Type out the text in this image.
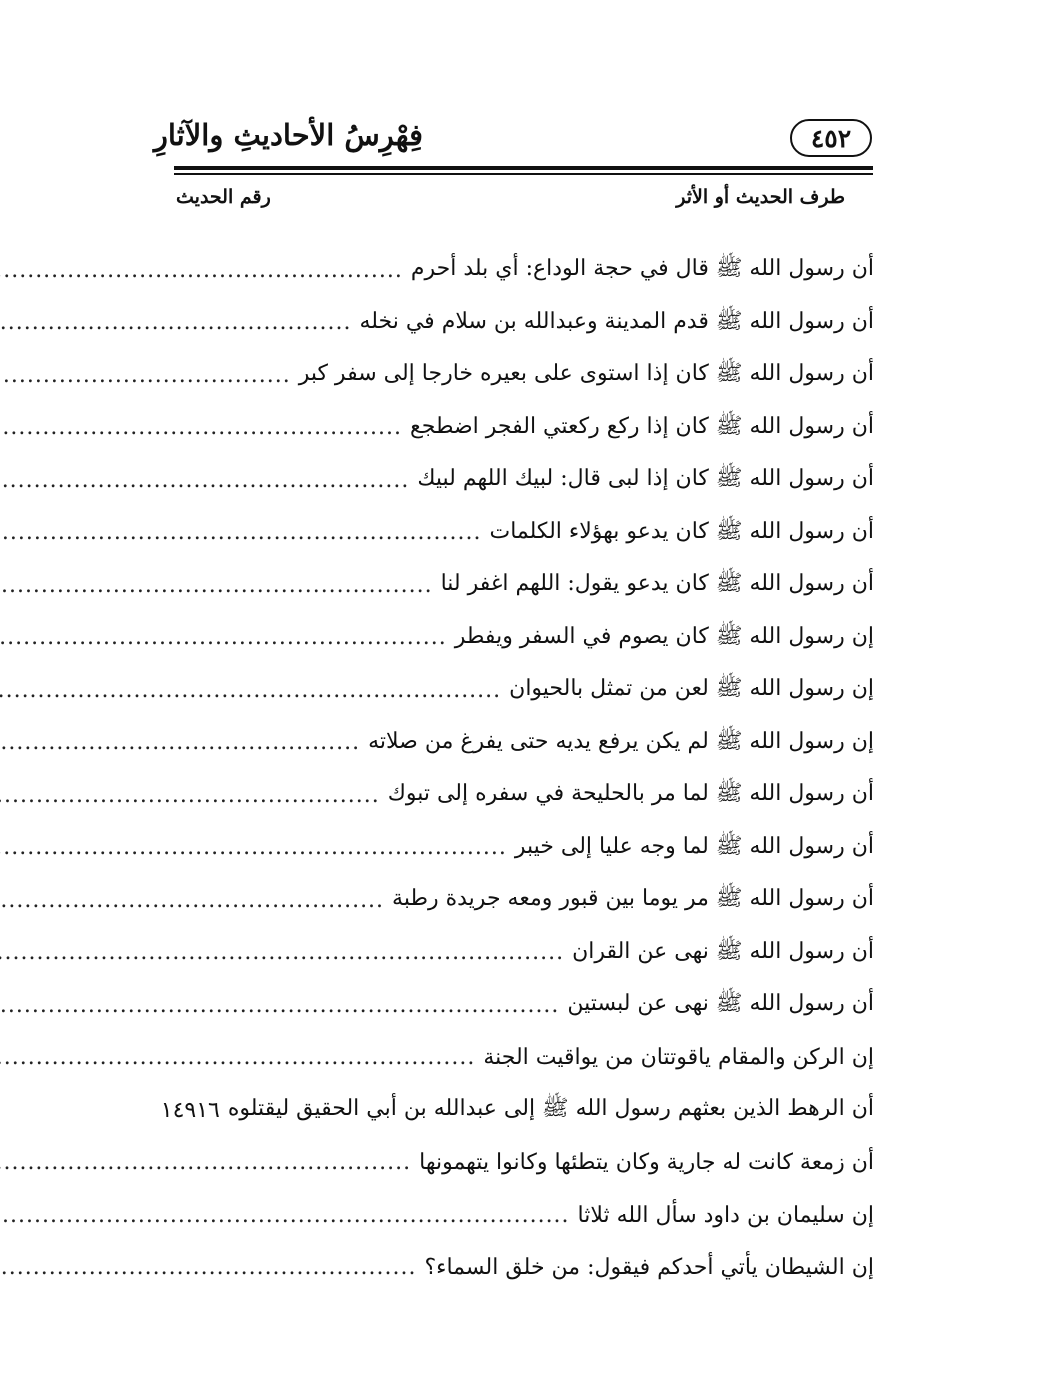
فِهْرِسُ الأحاديثِ والآثارِ	٤٥٢
رقم الحديث	طرف الحديث أو الأثر
أن رسول الله ﷺ قال في حجة الوداع: أي بلد أحرم
.....
أن رسول الله ﷺ قدم المدينة وعبدالله بن سلام في نخله
.....
أن رسول الله ﷺ كان إذا استوى على بعيره خارجا إلى سفر كبر
.....
أن رسول الله ﷺ كان إذا ركع ركعتي الفجر اضطجع
.....
أن رسول الله ﷺ كان إذا لبى قال: لبيك اللهم لبيك
.....
أن رسول الله ﷺ كان يدعو بهؤلاء الكلمات
.....
أن رسول الله ﷺ كان يدعو يقول: اللهم اغفر لنا
.....
إن رسول الله ﷺ كان يصوم في السفر ويفطر
.....
إن رسول الله ﷺ لعن من تمثل بالحيوان
.....
إن رسول الله ﷺ لم يكن يرفع يديه حتى يفرغ من صلاته
.....
أن رسول الله ﷺ لما مر بالحليحة في سفره إلى تبوك
.....
أن رسول الله ﷺ لما وجه عليا إلى خيبر
.....
أن رسول الله ﷺ مر يوما بين قبور ومعه جريدة رطبة
.....
أن رسول الله ﷺ نهى عن القران
.....
أن رسول الله ﷺ نهى عن لبستين
.....
إن الركن والمقام ياقوتتان من يواقيت الجنة
.....
أن الرهط الذين بعثهم رسول الله ﷺ إلى عبدالله بن أبي الحقيق ليقتلوه
١٤٩١٦
أن زمعة كانت له جارية وكان يتطئها وكانوا يتهمونها
.....
إن سليمان بن داود سأل الله ثلاثا
.....
إن الشيطان يأتي أحدكم فيقول: من خلق السماء؟
.....
